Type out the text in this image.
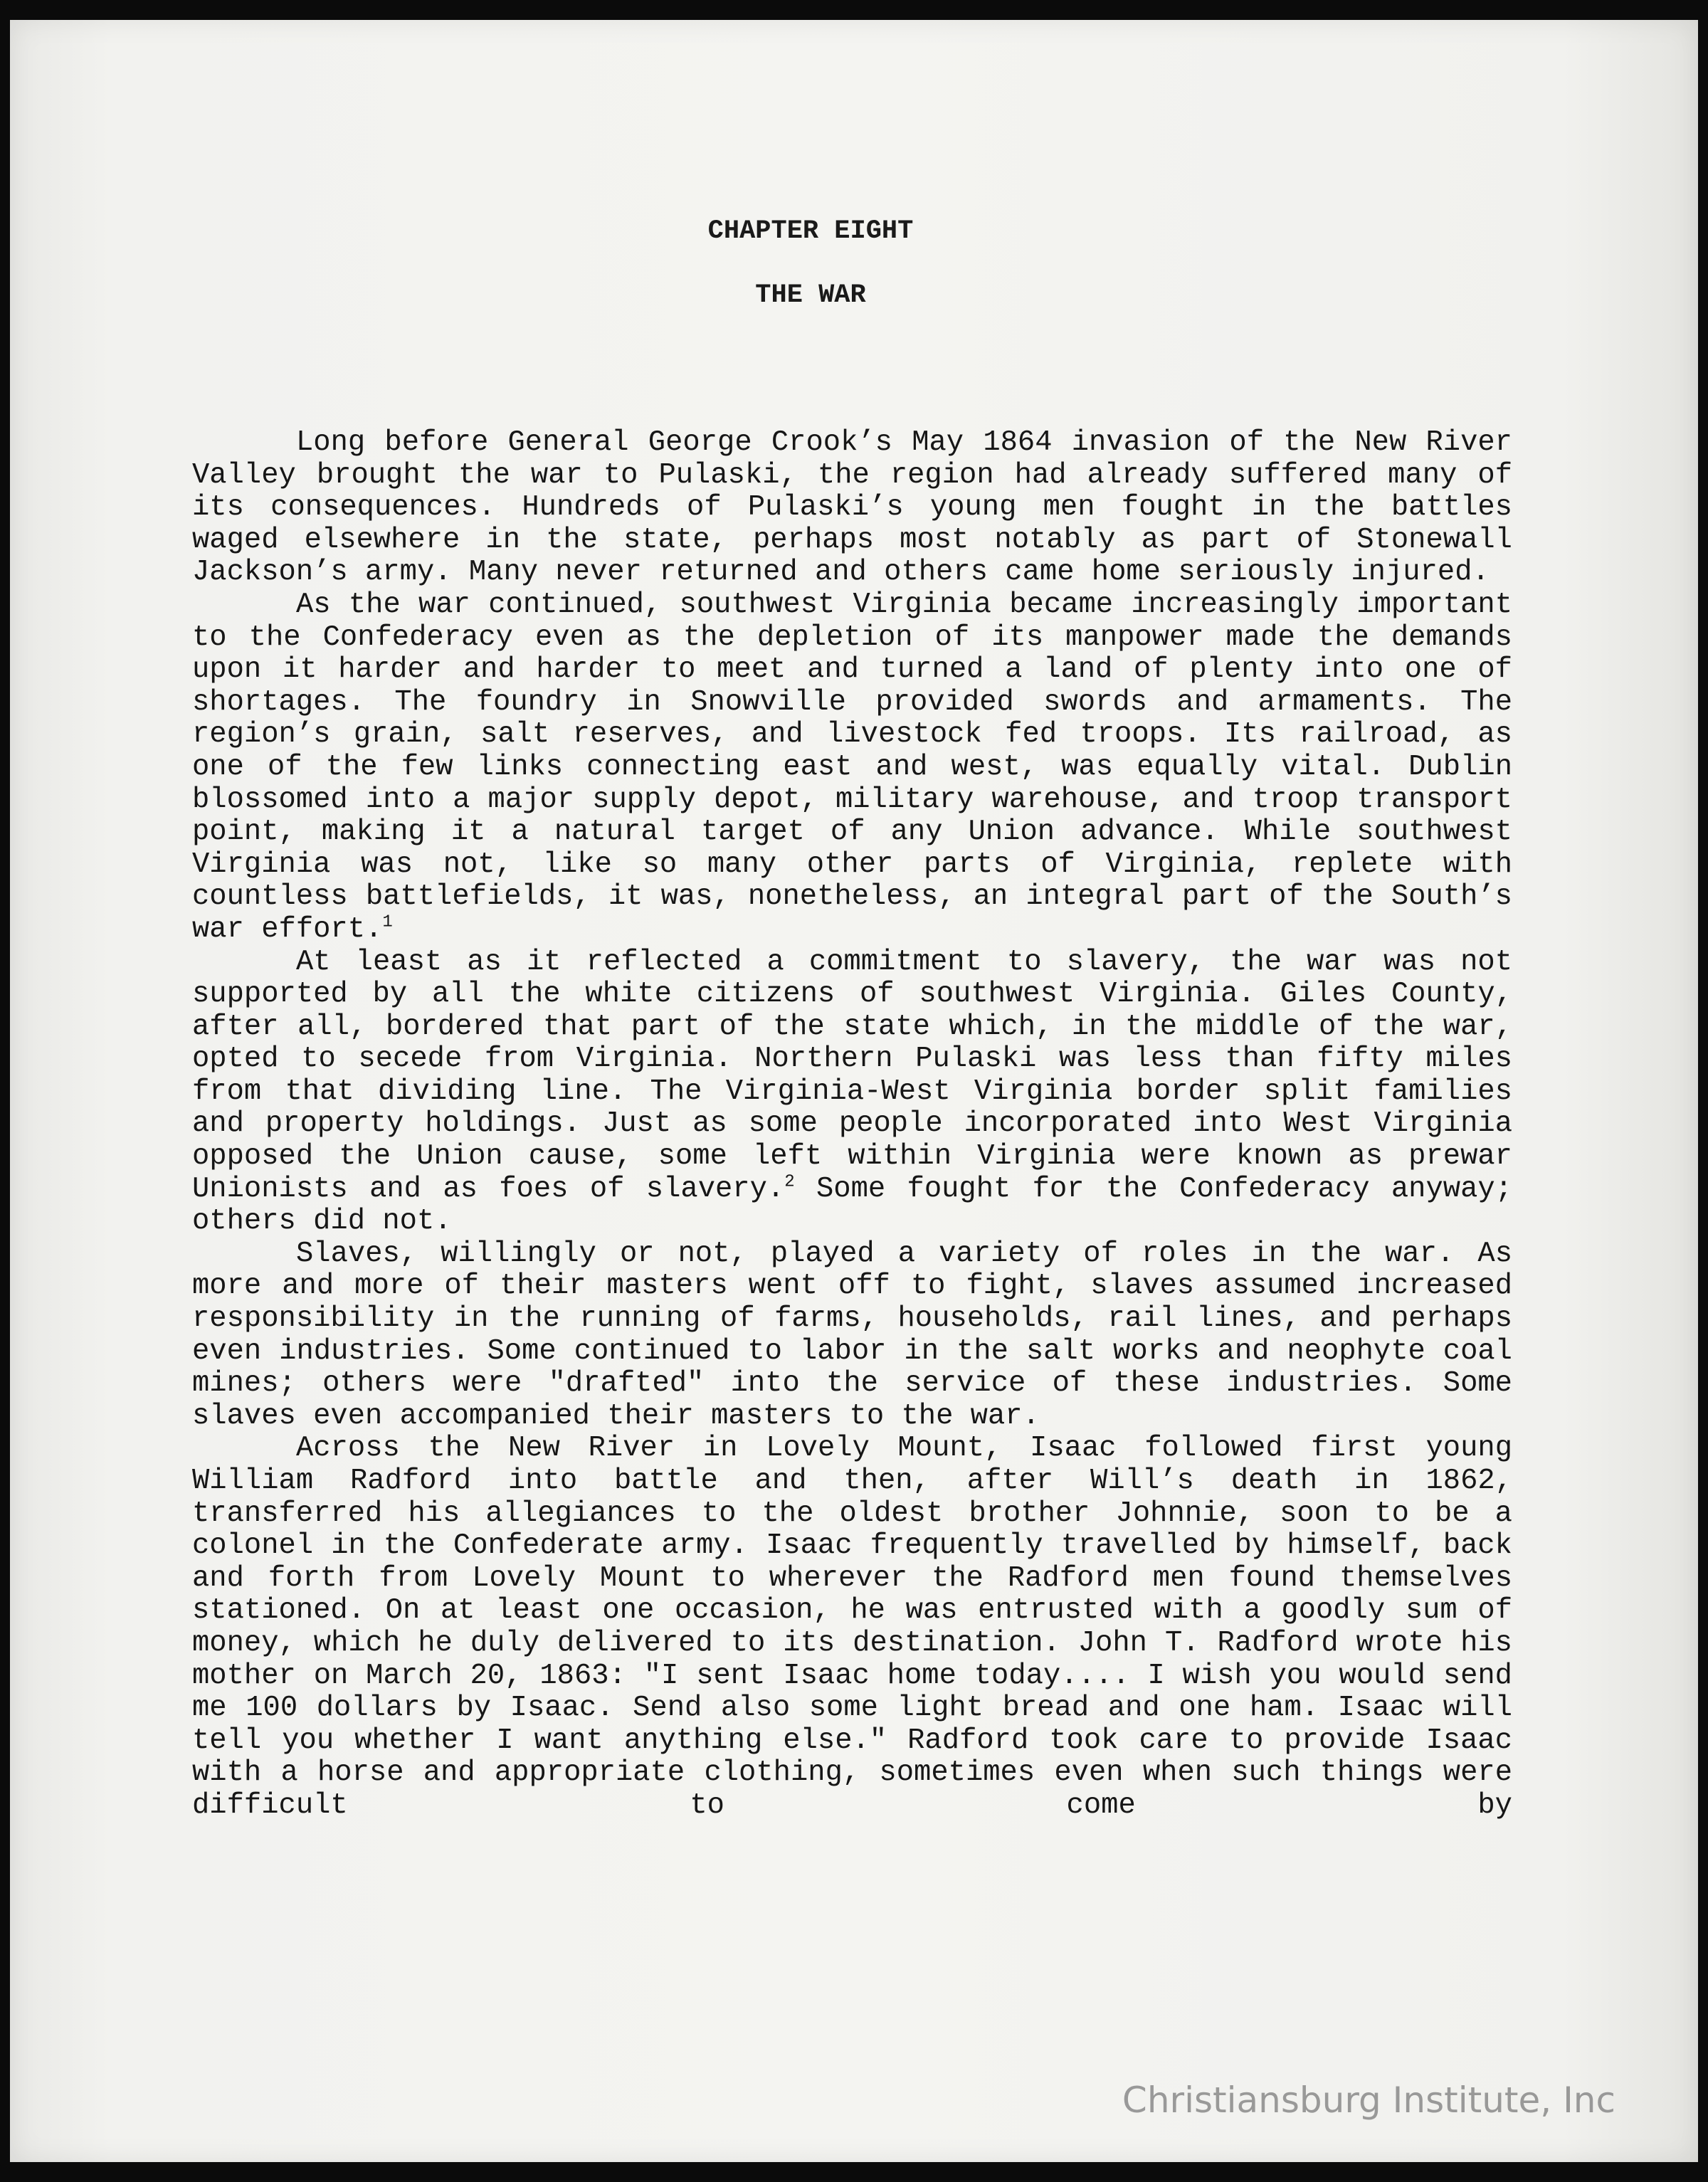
CHAPTER EIGHT
THE WAR

Long before General George Crook’s May 1864 invasion of the New River Valley brought the war to Pulaski, the region had already suffered many of its consequences. Hundreds of Pulaski’s young men fought in the battles waged elsewhere in the state, perhaps most notably as part of Stonewall Jackson’s army. Many never returned and others came home seriously injured.

As the war continued, southwest Virginia became increasingly important to the Confederacy even as the depletion of its manpower made the demands upon it harder and harder to meet and turned a land of plenty into one of shortages. The foundry in Snowville provided swords and armaments. The region’s grain, salt reserves, and livestock fed troops. Its railroad, as one of the few links connecting east and west, was equally vital. Dublin blossomed into a major supply depot, military warehouse, and troop transport point, making it a natural target of any Union advance. While southwest Virginia was not, like so many other parts of Virginia, replete with countless battlefields, it was, nonetheless, an integral part of the South’s war effort.$^1$

At least as it reflected a commitment to slavery, the war was not supported by all the white citizens of southwest Virginia. Giles County, after all, bordered that part of the state which, in the middle of the war, opted to secede from Virginia. Northern Pulaski was less than fifty miles from that dividing line. The Virginia-West Virginia border split families and property holdings. Just as some people incorporated into West Virginia opposed the Union cause, some left within Virginia were known as prewar Unionists and as foes of slavery.$^2$ Some fought for the Confederacy anyway; others did not.

Slaves, willingly or not, played a variety of roles in the war. As more and more of their masters went off to fight, slaves assumed increased responsibility in the running of farms, households, rail lines, and perhaps even industries. Some continued to labor in the salt works and neophyte coal mines; others were "drafted" into the service of these industries. Some slaves even accompanied their masters to the war.

Across the New River in Lovely Mount, Isaac followed first young William Radford into battle and then, after Will’s death in 1862, transferred his allegiances to the oldest brother Johnnie, soon to be a colonel in the Confederate army. Isaac frequently travelled by himself, back and forth from Lovely Mount to wherever the Radford men found themselves stationed. On at least one occasion, he was entrusted with a goodly sum of money, which he duly delivered to its destination. John T. Radford wrote his mother on March 20, 1863: "I sent Isaac home today.... I wish you would send me 100 dollars by Isaac. Send also some light bread and one ham. Isaac will tell you whether I want anything else." Radford took care to provide Isaac with a horse and appropriate clothing, sometimes even when such things were difficult to come by

Christiansburg Institute, Inc
